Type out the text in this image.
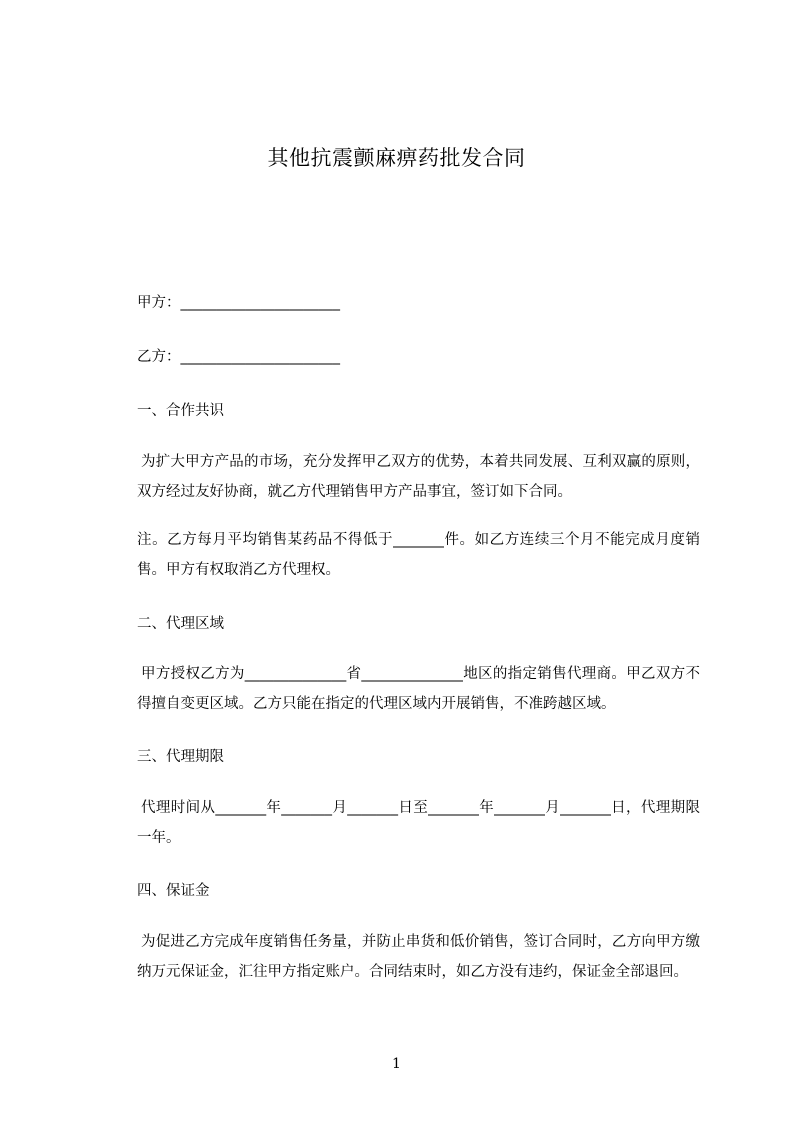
其他抗震颤麻痹药批发合同
甲方：______________________
乙方：______________________
一、合作共识
为扩大甲方产品的市场，充分发挥甲乙双方的优势，本着共同发展、互利双赢的原则，双方经过友好协商，就乙方代理销售甲方产品事宜，签订如下合同。
注。乙方每月平均销售某药品不得低于_______件。如乙方连续三个月不能完成月度销售。甲方有权取消乙方代理权。
二、代理区域
甲方授权乙方为______________省______________地区的指定销售代理商。甲乙双方不得擅自变更区域。乙方只能在指定的代理区域内开展销售，不准跨越区域。
三、代理期限
代理时间从_______年_______月_______日至_______年_______月_______日，代理期限一年。
四、保证金
为促进乙方完成年度销售任务量，并防止串货和低价销售，签订合同时，乙方向甲方缴纳万元保证金，汇往甲方指定账户。合同结束时，如乙方没有违约，保证金全部退回。
1
